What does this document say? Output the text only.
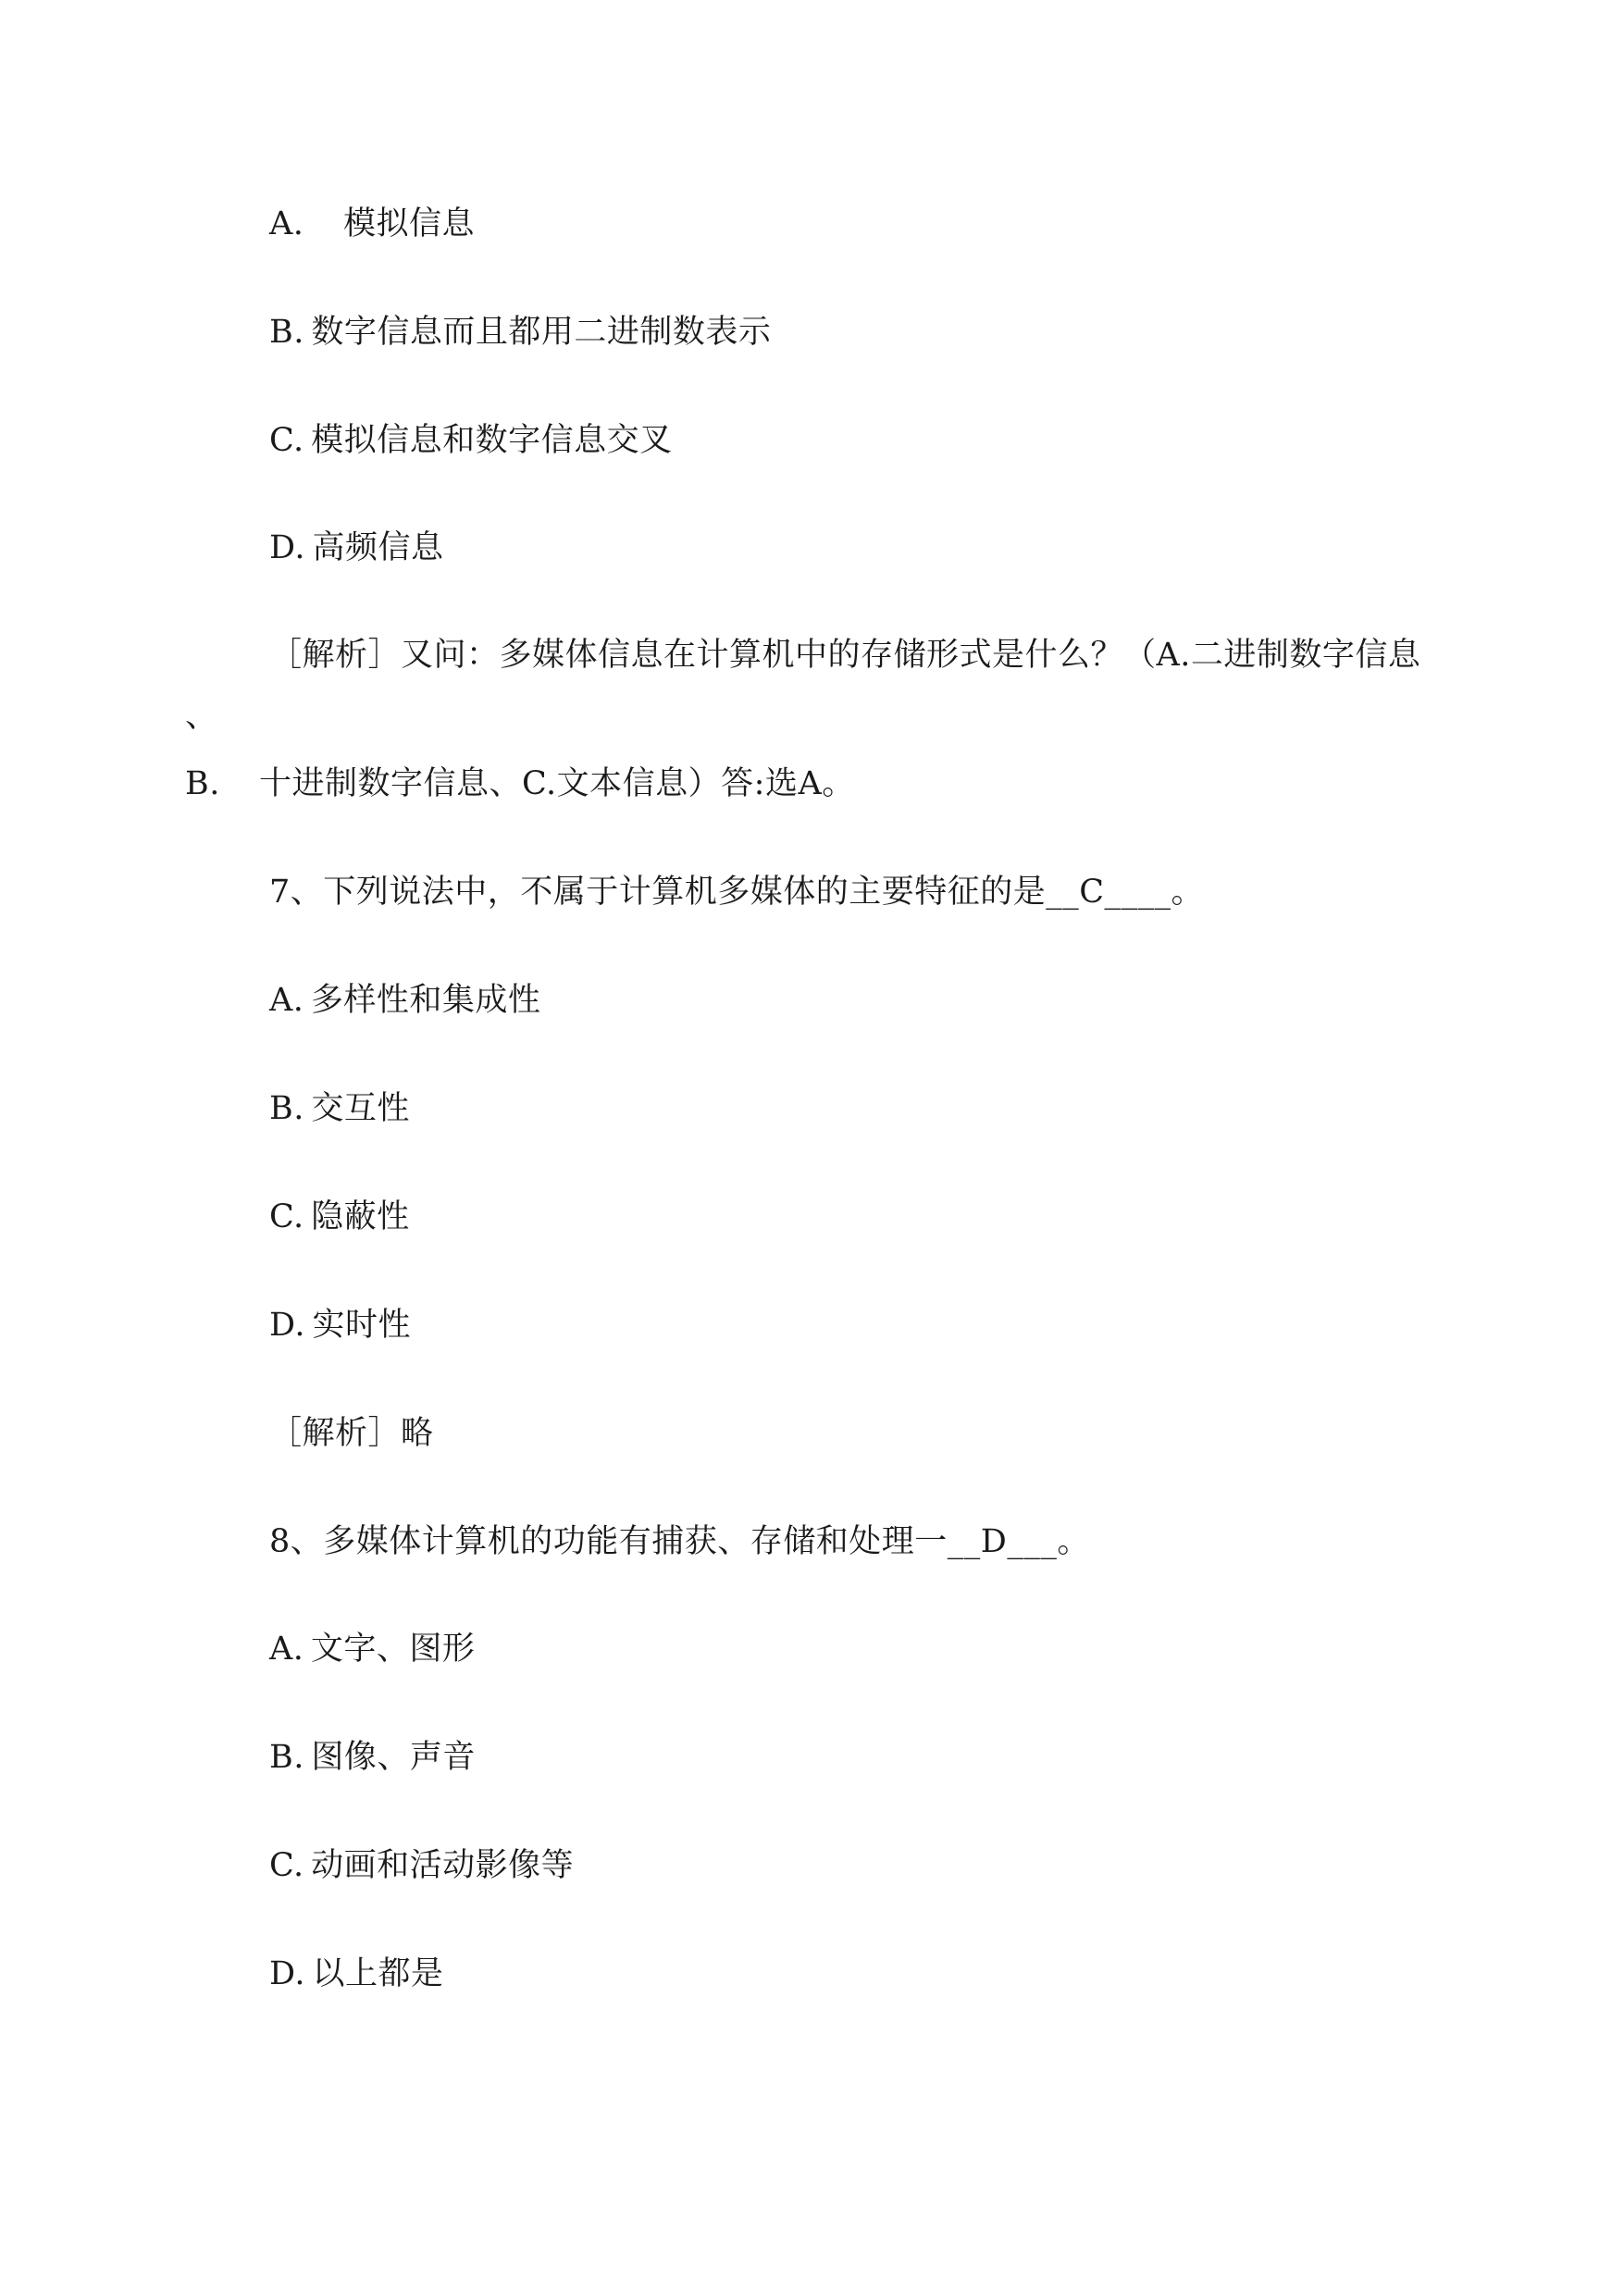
A. 模拟信息
B.  数字信息而且都用二进制数表示
C.  模拟信息和数字信息交叉
D.  高频信息
［解析］又问：多媒体信息在计算机中的存储形式是什么？（A.二进制数字信息
、
B. 十进制数字信息、C.文本信息）答:选A。
7、下列说法中，不属于计算机多媒体的主要特征的是__C____。
A.  多样性和集成性
B.  交互性
C.  隐蔽性
D.  实时性
［解析］略
8、多媒体计算机的功能有捕获、存储和处理一__D___。
A.  文字、图形
B.  图像、声音
C.  动画和活动影像等
D.  以上都是
